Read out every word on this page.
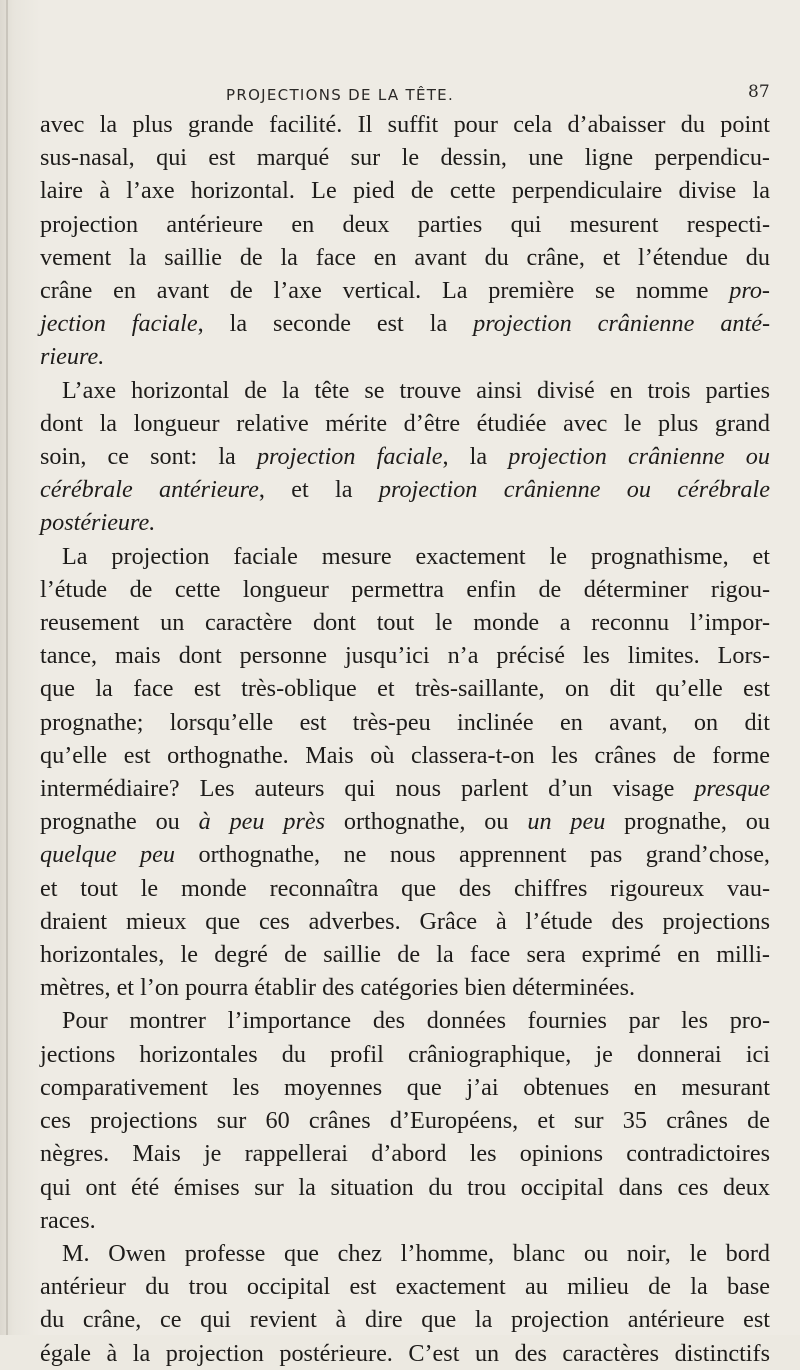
PROJECTIONS DE LA TÊTE.	87
avec la plus grande facilité. Il suffit pour cela d’abaisser du point
sus-nasal, qui est marqué sur le dessin, une ligne perpendicu-
laire à l’axe horizontal. Le pied de cette perpendiculaire divise la
projection antérieure en deux parties qui mesurent respecti-
vement la saillie de la face en avant du crâne, et l’étendue du
crâne en avant de l’axe vertical. La première se nomme pro-
jection faciale, la seconde est la projection crânienne anté-
rieure.
L’axe horizontal de la tête se trouve ainsi divisé en trois parties
dont la longueur relative mérite d’être étudiée avec le plus grand
soin, ce sont: la projection faciale, la projection crânienne ou
cérébrale antérieure, et la projection crânienne ou cérébrale
postérieure.
La projection faciale mesure exactement le prognathisme, et
l’étude de cette longueur permettra enfin de déterminer rigou-
reusement un caractère dont tout le monde a reconnu l’impor-
tance, mais dont personne jusqu’ici n’a précisé les limites. Lors-
que la face est très-oblique et très-saillante, on dit qu’elle est
prognathe; lorsqu’elle est très-peu inclinée en avant, on dit
qu’elle est orthognathe. Mais où classera-t-on les crânes de forme
intermédiaire? Les auteurs qui nous parlent d’un visage presque
prognathe ou à peu près orthognathe, ou un peu prognathe, ou
quelque peu orthognathe, ne nous apprennent pas grand’chose,
et tout le monde reconnaîtra que des chiffres rigoureux vau-
draient mieux que ces adverbes. Grâce à l’étude des projections
horizontales, le degré de saillie de la face sera exprimé en milli-
mètres, et l’on pourra établir des catégories bien déterminées.
Pour montrer l’importance des données fournies par les pro-
jections horizontales du profil crâniographique, je donnerai ici
comparativement les moyennes que j’ai obtenues en mesurant
ces projections sur 60 crânes d’Européens, et sur 35 crânes de
nègres. Mais je rappellerai d’abord les opinions contradictoires
qui ont été émises sur la situation du trou occipital dans ces deux
races.
M. Owen professe que chez l’homme, blanc ou noir, le bord
antérieur du trou occipital est exactement au milieu de la base
du crâne, ce qui revient à dire que la projection antérieure est
égale à la projection postérieure. C’est un des caractères distinctifs
